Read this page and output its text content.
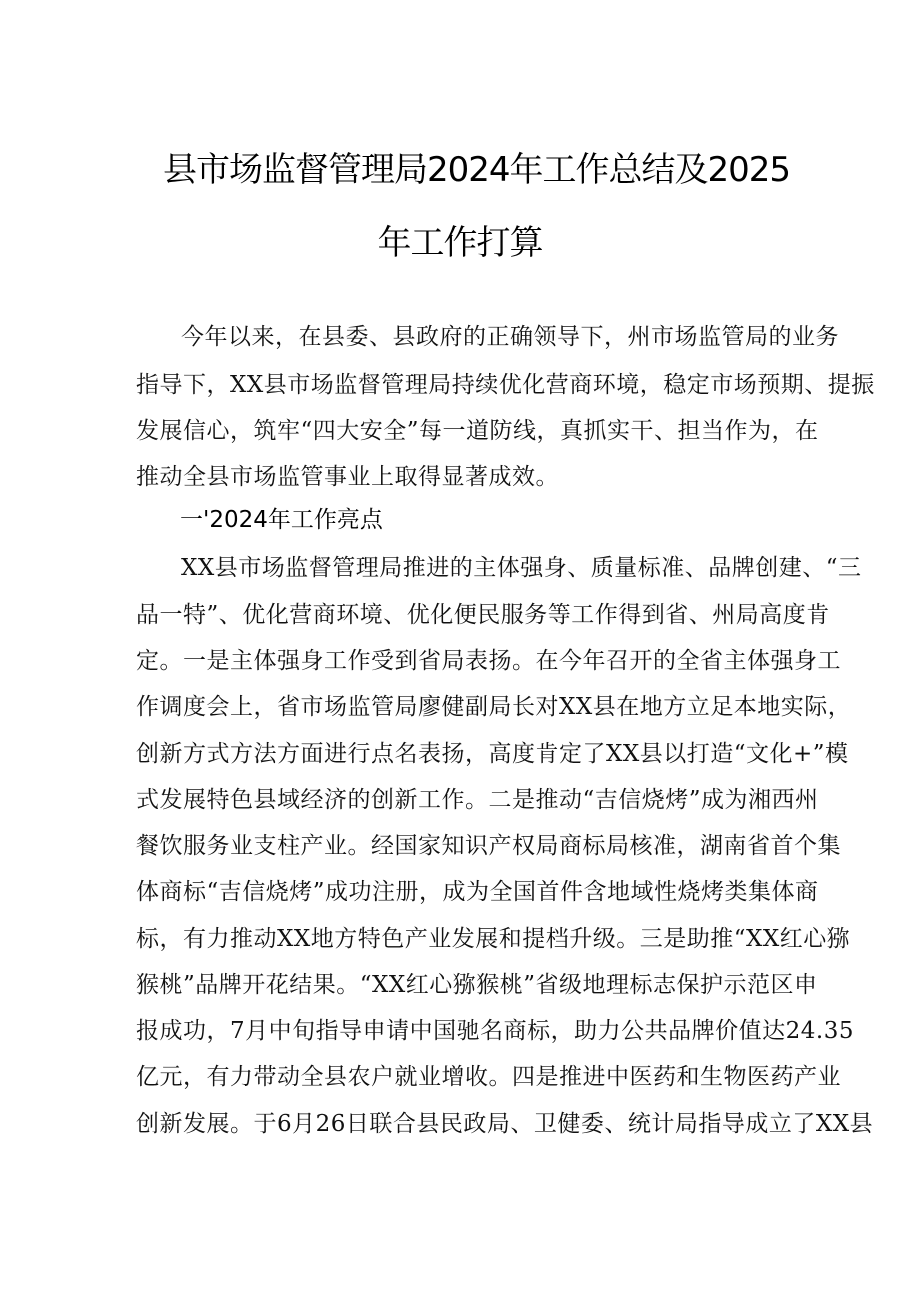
县市场监督管理局2024年工作总结及2025
年工作打算
今年以来，在县委、县政府的正确领导下，州市场监管局的业务
指导下，XX县市场监督管理局持续优化营商环境，稳定市场预期、提振
发展信心，筑牢“四大安全”每一道防线，真抓实干、担当作为，在
推动全县市场监管事业上取得显著成效。
一'2024年工作亮点
XX县市场监督管理局推进的主体强身、质量标准、品牌创建、“三
品一特”、优化营商环境、优化便民服务等工作得到省、州局高度肯
定。一是主体强身工作受到省局表扬。在今年召开的全省主体强身工
作调度会上，省市场监管局廖健副局长对XX县在地方立足本地实际，
创新方式方法方面进行点名表扬，高度肯定了XX县以打造“文化+”模
式发展特色县域经济的创新工作。二是推动“吉信烧烤”成为湘西州
餐饮服务业支柱产业。经国家知识产权局商标局核准，湖南省首个集
体商标“吉信烧烤”成功注册，成为全国首件含地域性烧烤类集体商
标，有力推动XX地方特色产业发展和提档升级。三是助推“XX红心猕
猴桃”品牌开花结果。“XX红心猕猴桃”省级地理标志保护示范区申
报成功，7月中旬指导申请中国驰名商标，助力公共品牌价值达24.35
亿元，有力带动全县农户就业增收。四是推进中医药和生物医药产业
创新发展。于6月26日联合县民政局、卫健委、统计局指导成立了XX县
